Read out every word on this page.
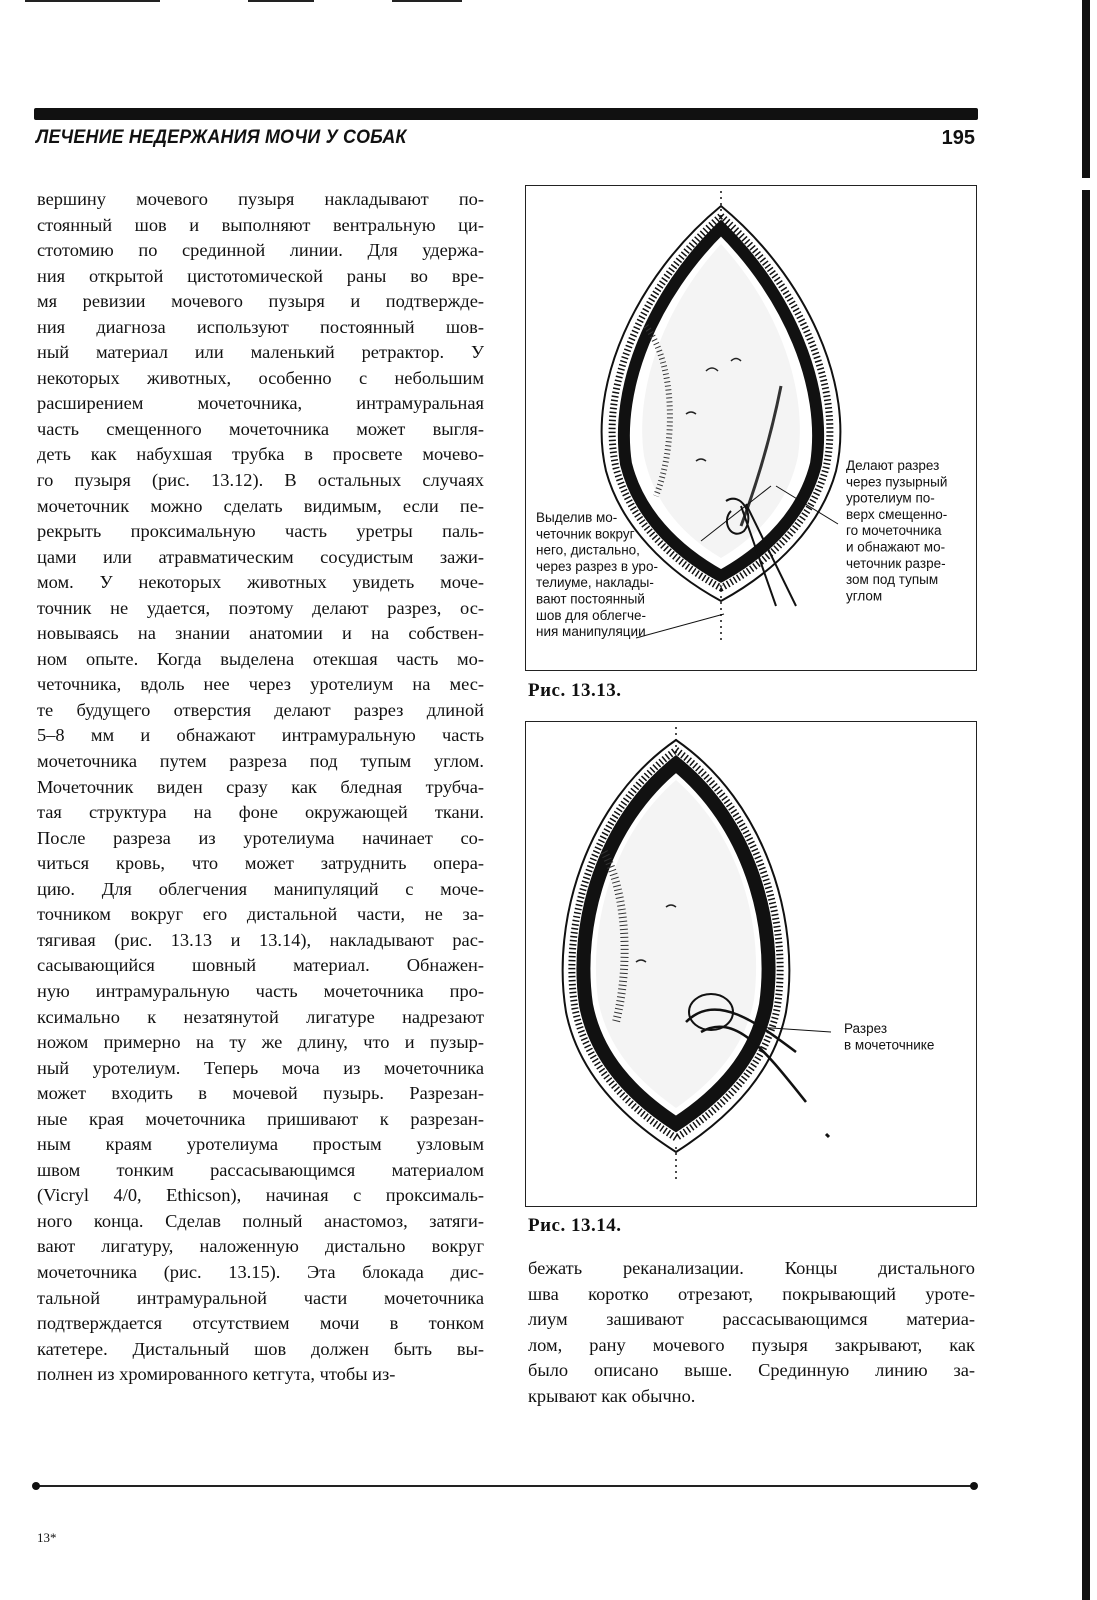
ЛЕЧЕНИЕ НЕДЕРЖАНИЯ МОЧИ У СОБАК	195

вершину мочевого пузыря накладывают по-
стоянный шов и выполняют вентральную ци-
стотомию по срединной линии. Для удержа-
ния открытой цистотомической раны во вре-
мя ревизии мочевого пузыря и подтвержде-
ния диагноза используют постоянный шов-
ный материал или маленький ретрактор. У
некоторых животных, особенно с небольшим
расширением мочеточника, интрамуральная
часть смещенного мочеточника может выгля-
деть как набухшая трубка в просвете мочево-
го пузыря (рис. 13.12). В остальных случаях
мочеточник можно сделать видимым, если пе-
рекрыть проксимальную часть уретры паль-
цами или атравматическим сосудистым зажи-
мом. У некоторых животных увидеть моче-
точник не удается, поэтому делают разрез, ос-
новываясь на знании анатомии и на собствен-
ном опыте. Когда выделена отекшая часть мо-
четочника, вдоль нее через уротелиум на мес-
те будущего отверстия делают разрез длиной
5–8 мм и обнажают интрамуральную часть
мочеточника путем разреза под тупым углом.
Мочеточник виден сразу как бледная трубча-
тая структура на фоне окружающей ткани.
После разреза из уротелиума начинает со-
читься кровь, что может затруднить опера-
цию. Для облегчения манипуляций с моче-
точником вокруг его дистальной части, не за-
тягивая (рис. 13.13 и 13.14), накладывают рас-
сасывающийся шовный материал. Обнажен-
ную интрамуральную часть мочеточника про-
ксимально к незатянутой лигатуре надрезают
ножом примерно на ту же длину, что и пузыр-
ный уротелиум. Теперь моча из мочеточника
может входить в мочевой пузырь. Разрезан-
ные края мочеточника пришивают к разрезан-
ным краям уротелиума простым узловым
швом тонким рассасывающимся материалом
(Vicryl 4/0, Ethicson), начиная с проксималь-
ного конца. Сделав полный анастомоз, затяги-
вают лигатуру, наложенную дистально вокруг
мочеточника (рис. 13.15). Эта блокада дис-
тальной интрамуральной части мочеточника
подтверждается отсутствием мочи в тонком
катетере. Дистальный шов должен быть вы-
полнен из хромированного кетгута, чтобы из-

Выделив мо-
четочник вокруг
него, дистально,
через разрез в уро-
телиуме, наклады-
вают постоянный
шов для облегче-
ния манипуляции
Делают разрез
через пузырный
уротелиум по-
верх смещенно-
го мочеточника
и обнажают мо-
четочник разре-
зом под тупым
углом
Рис. 13.13.
Разрез
в мочеточнике
Рис. 13.14.

бежать реканализации. Концы дистального
шва коротко отрезают, покрывающий уроте-
лиум зашивают рассасывающимся материа-
лом, рану мочевого пузыря закрывают, как
было описано выше. Срединную линию за-
крывают как обычно.

13*
